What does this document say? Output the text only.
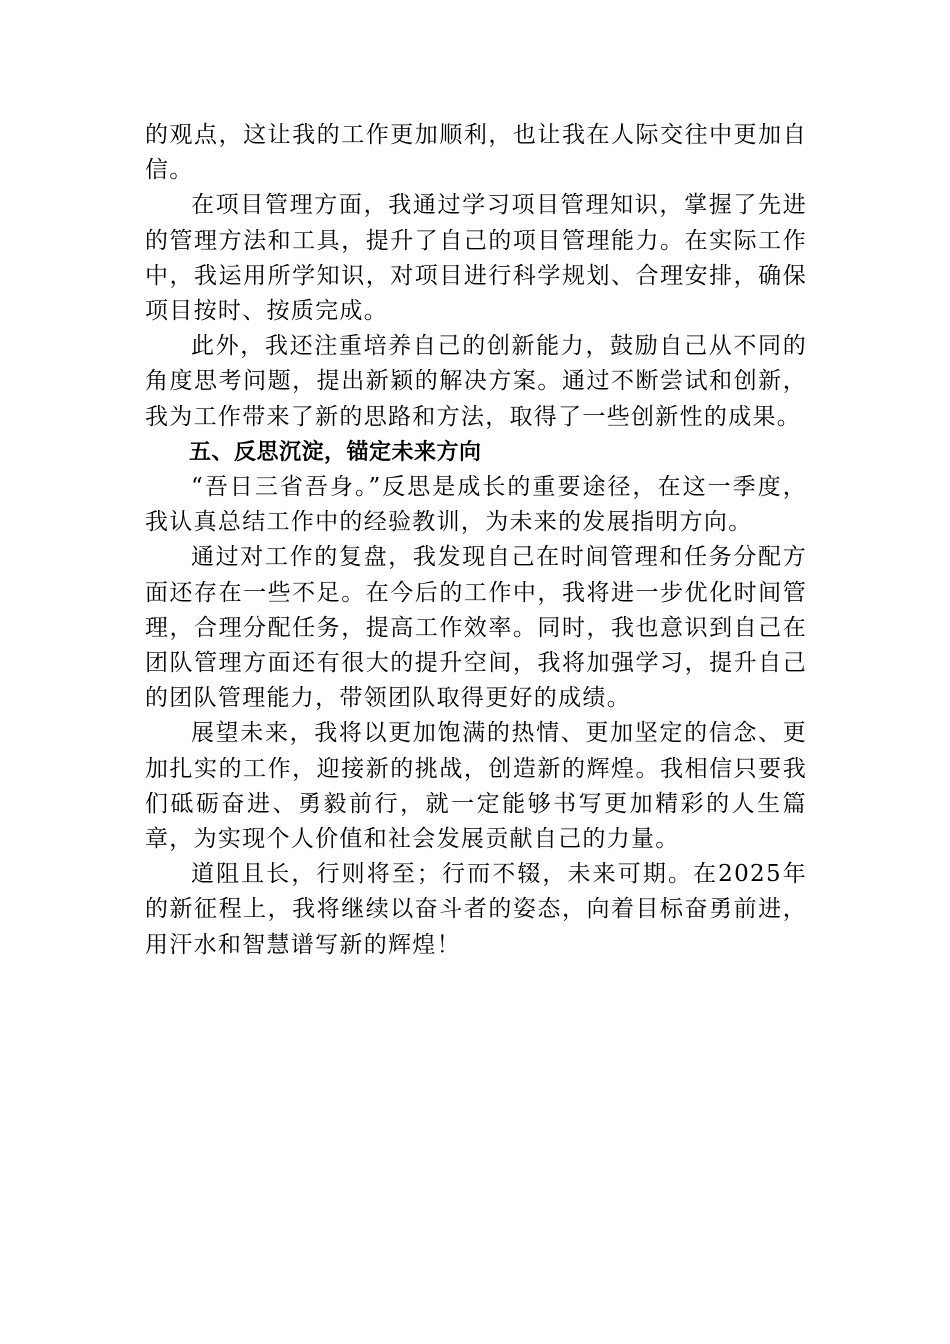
的观点，这让我的工作更加顺利，也让我在人际交往中更加自信。

在项目管理方面，我通过学习项目管理知识，掌握了先进的管理方法和工具，提升了自己的项目管理能力。在实际工作中，我运用所学知识，对项目进行科学规划、合理安排，确保项目按时、按质完成。

此外，我还注重培养自己的创新能力，鼓励自己从不同的角度思考问题，提出新颖的解决方案。通过不断尝试和创新，我为工作带来了新的思路和方法，取得了一些创新性的成果。

五、反思沉淀，锚定未来方向

“吾日三省吾身。”反思是成长的重要途径，在这一季度，我认真总结工作中的经验教训，为未来的发展指明方向。

通过对工作的复盘，我发现自己在时间管理和任务分配方面还存在一些不足。在今后的工作中，我将进一步优化时间管理，合理分配任务，提高工作效率。同时，我也意识到自己在团队管理方面还有很大的提升空间，我将加强学习，提升自己的团队管理能力，带领团队取得更好的成绩。

展望未来，我将以更加饱满的热情、更加坚定的信念、更加扎实的工作，迎接新的挑战，创造新的辉煌。我相信只要我们砥砺奋进、勇毅前行，就一定能够书写更加精彩的人生篇章，为实现个人价值和社会发展贡献自己的力量。

道阻且长，行则将至；行而不辍，未来可期。在2025年的新征程上，我将继续以奋斗者的姿态，向着目标奋勇前进，用汗水和智慧谱写新的辉煌！
